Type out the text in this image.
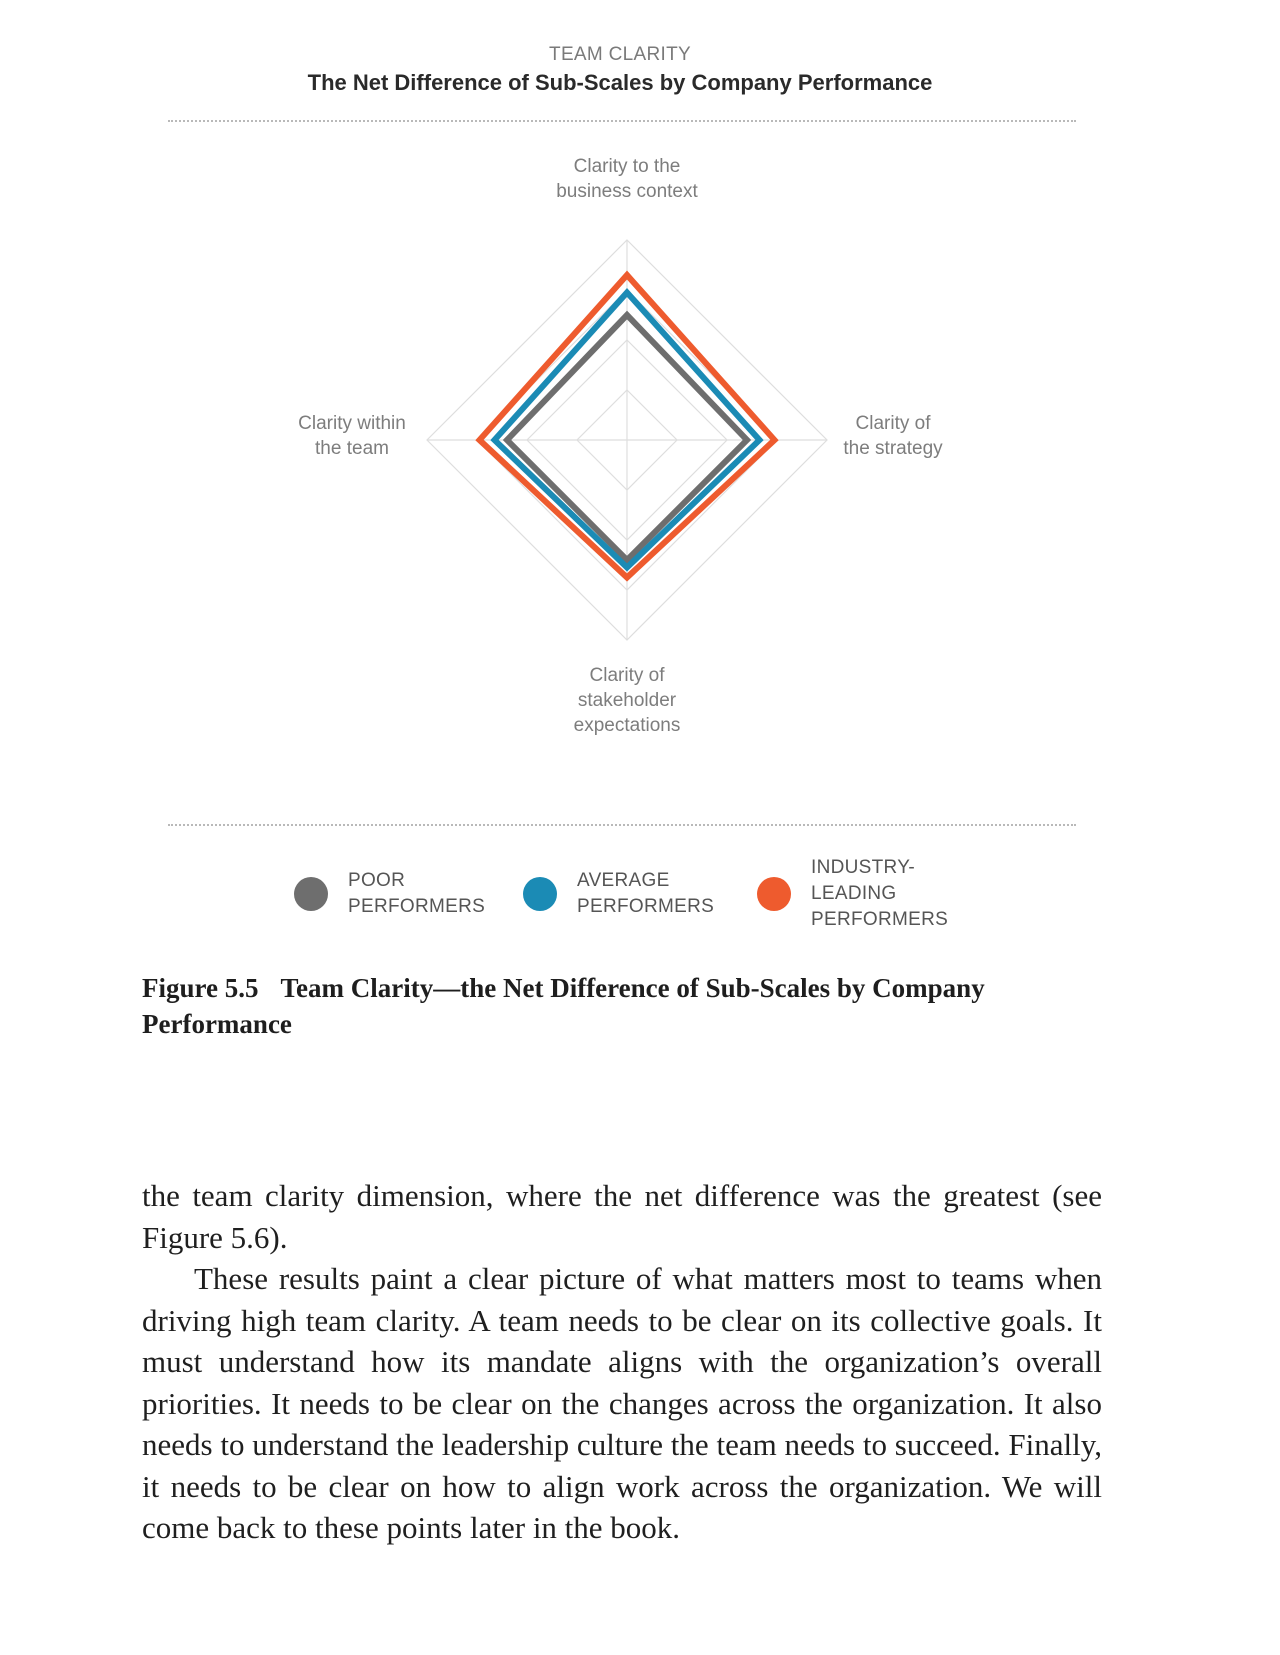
TEAM CLARITY
The Net Difference of Sub-Scales by Company Performance
Clarity to the business context
Clarity of the strategy
Clarity of stakeholder expectations
Clarity within the team
POOR
PERFORMERS
AVERAGE
PERFORMERS
INDUSTRY-
LEADING
PERFORMERS
Figure 5.5 Team Clarity—the Net Difference of Sub-Scales by Company Performance

the team clarity dimension, where the net difference was the greatest (see Figure 5.6).

These results paint a clear picture of what matters most to teams when driving high team clarity. A team needs to be clear on its collective goals. It must understand how its mandate aligns with the organization’s overall priorities. It needs to be clear on the changes across the organization. It also needs to understand the leadership culture the team needs to succeed. Finally, it needs to be clear on how to align work across the organization. We will come back to these points later in the book.
